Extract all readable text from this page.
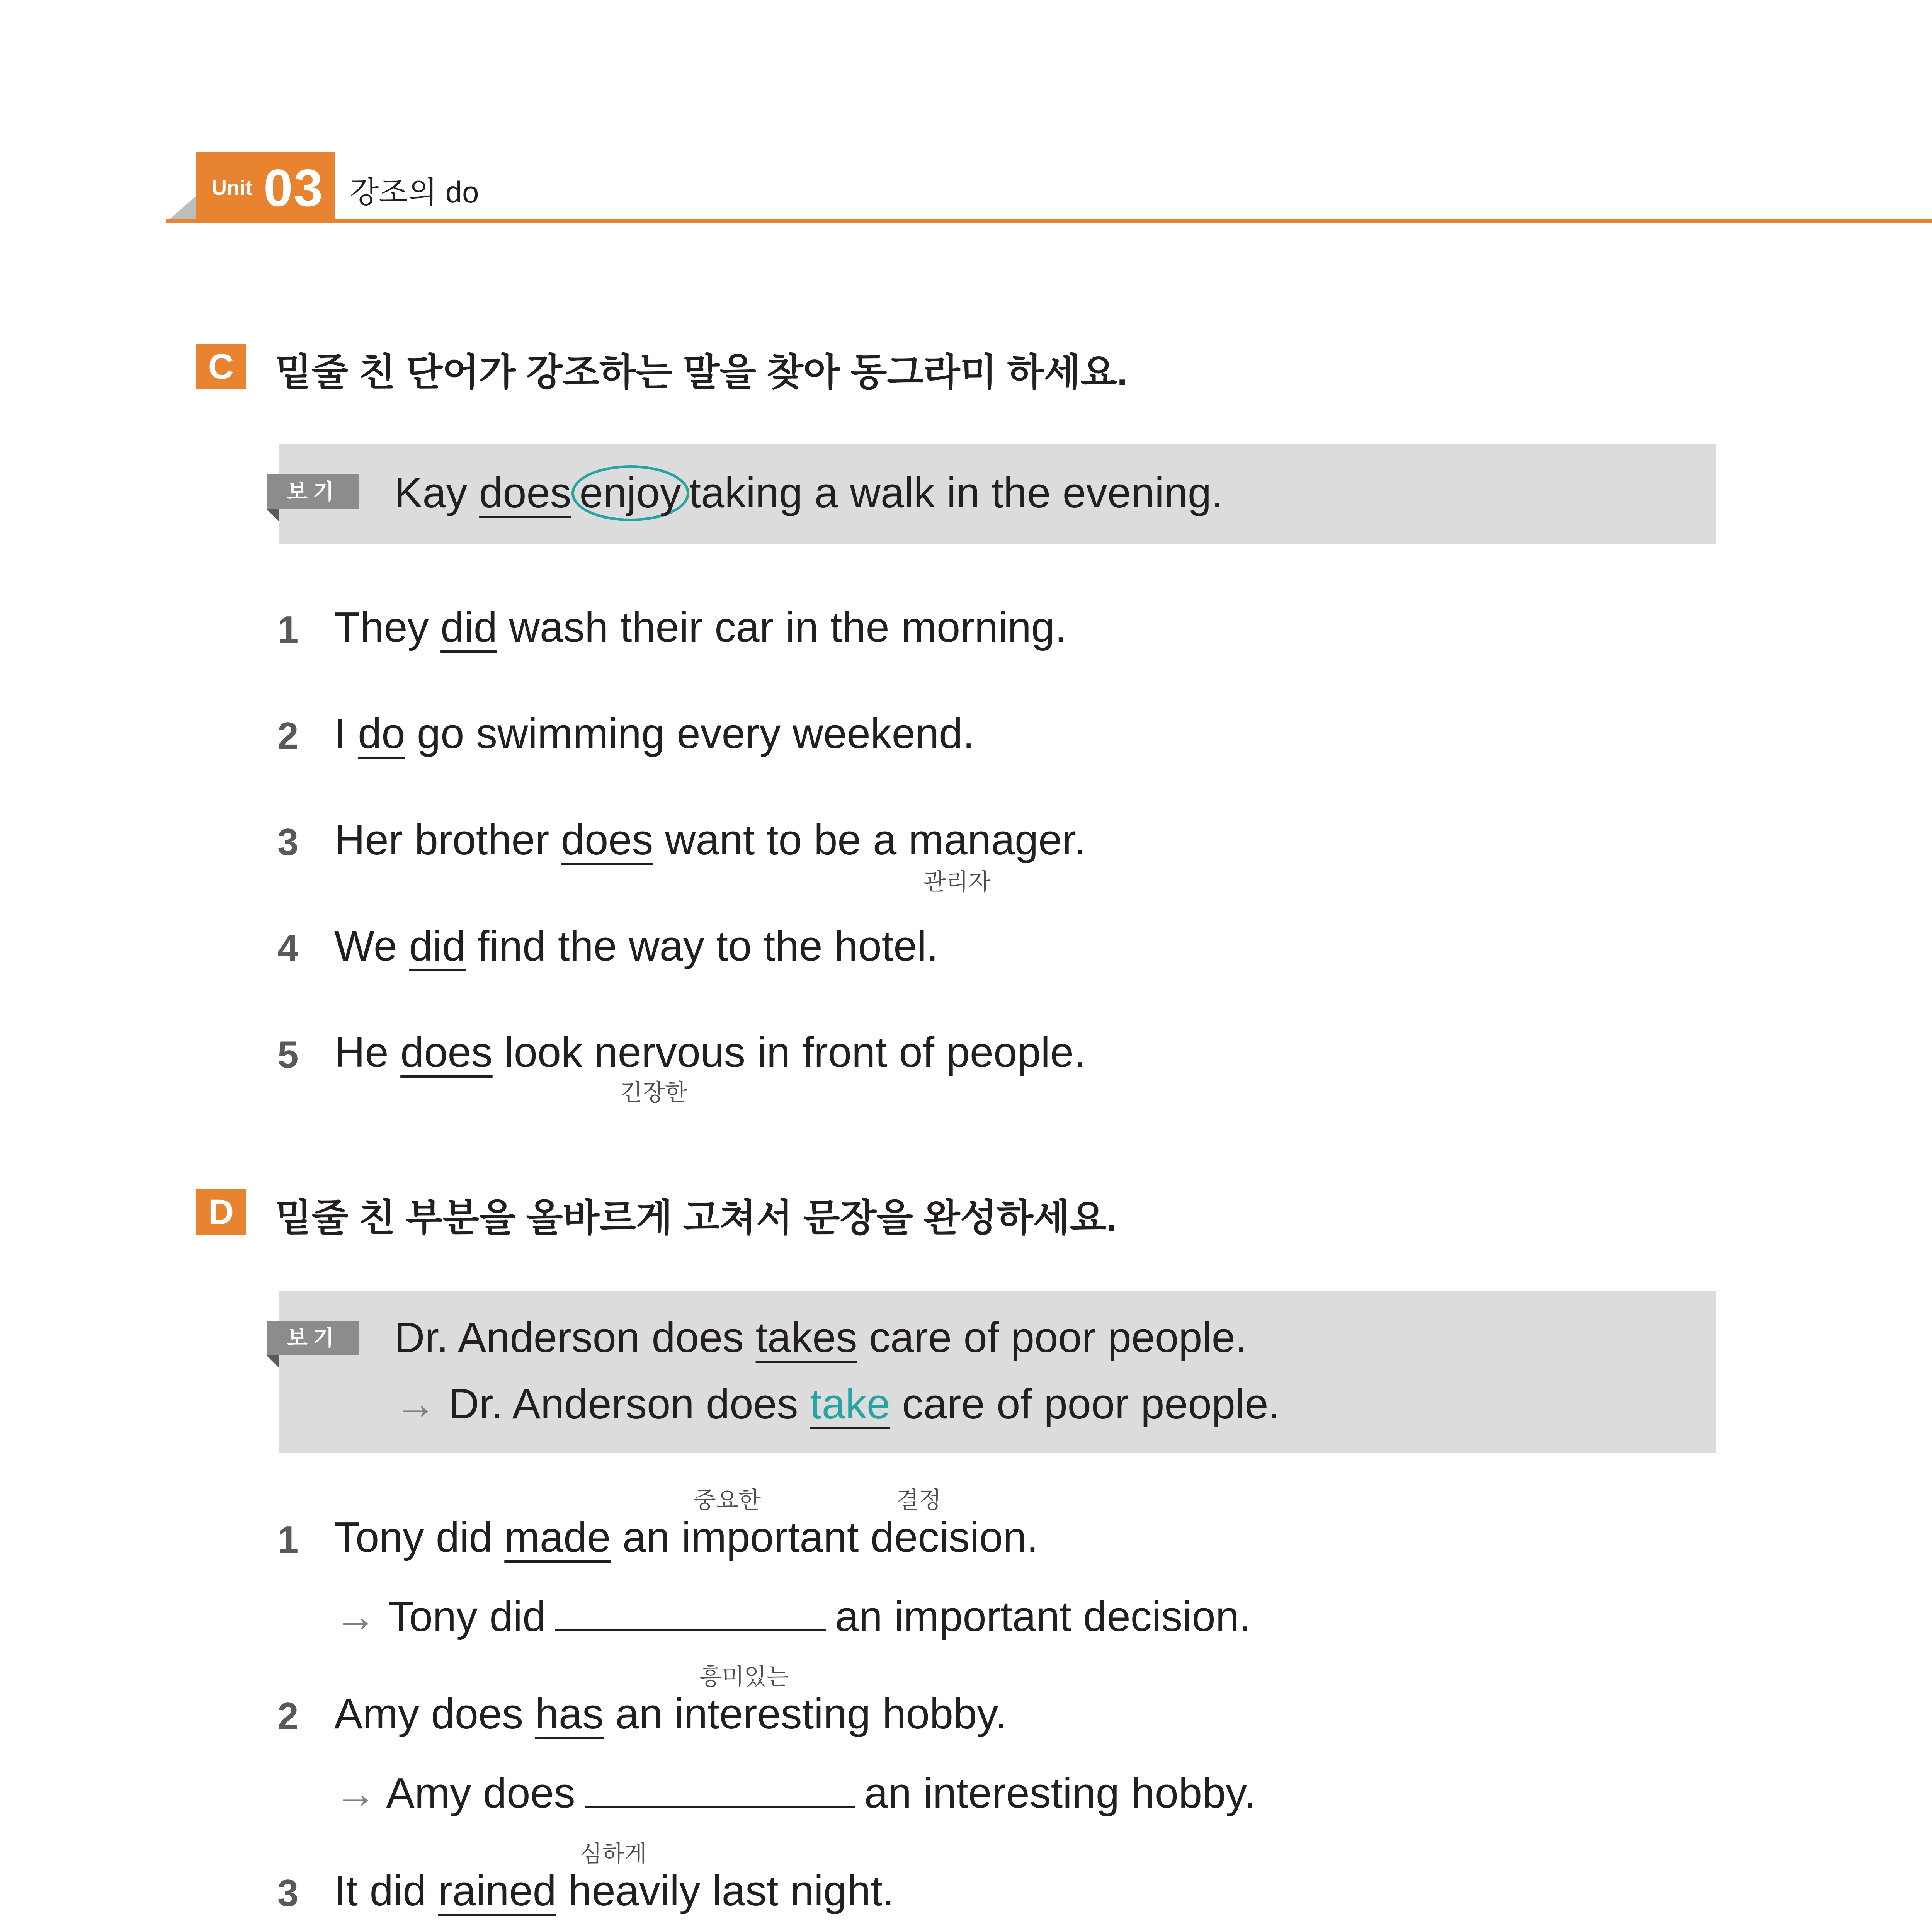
Unit 03 강조의 do
C	밑줄 친 단어가 강조하는 말을 찾아 동그라미 하세요.
보기	Kay does enjoy taking a walk in the evening.
1 They did wash their car in the morning.
2 I do go swimming every weekend.
3 Her brother does want to be a manager.
관리자
4 We did find the way to the hotel.
5 He does look nervous in front of people.
긴장한
D	밑줄 친 부분을 올바르게 고쳐서 문장을 완성하세요.
보기	Dr. Anderson does takes care of poor people.
→ Dr. Anderson does take care of poor people.
중요한	결정
1 Tony did made an important decision.
→ Tony did	an important decision.
흥미있는
2 Amy does has an interesting hobby.
→ Amy does	an interesting hobby.
심하게
3 It did rained heavily last night.
